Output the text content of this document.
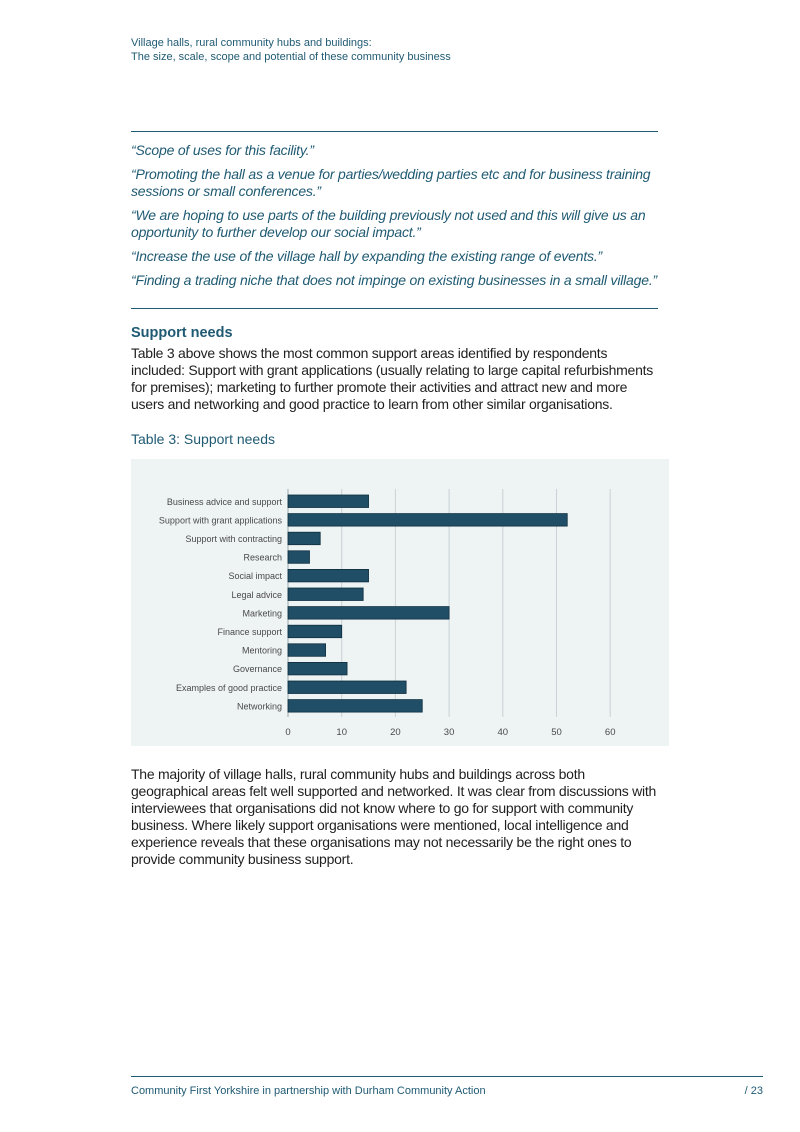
Village halls, rural community hubs and buildings:
The size, scale, scope and potential of these community business

“Scope of uses for this facility.”

“Promoting the hall as a venue for parties/wedding parties etc and for business training sessions or small conferences.”

“We are hoping to use parts of the building previously not used and this will give us an opportunity to further develop our social impact.”

“Increase the use of the village hall by expanding the existing range of events.”

“Finding a trading niche that does not impinge on existing businesses in a small village.”

Support needs

Table 3 above shows the most common support areas identified by respondents included: Support with grant applications (usually relating to large capital refurbishments for premises); marketing to further promote their activities and attract new and more users and networking and good practice to learn from other similar organisations.

Table 3: Support needs
Business advice and support
Support with grant applications
Support with contracting
Research
Social impact
Legal advice
Marketing
Finance support
Mentoring
Governance
Examples of good practice
Networking
0	10	20	30	40	50	60

The majority of village halls, rural community hubs and buildings across both geographical areas felt well supported and networked. It was clear from discussions with interviewees that organisations did not know where to go for support with community business. Where likely support organisations were mentioned, local intelligence and experience reveals that these organisations may not necessarily be the right ones to provide community business support.

Community First Yorkshire in partnership with Durham Community Action	/ 23
